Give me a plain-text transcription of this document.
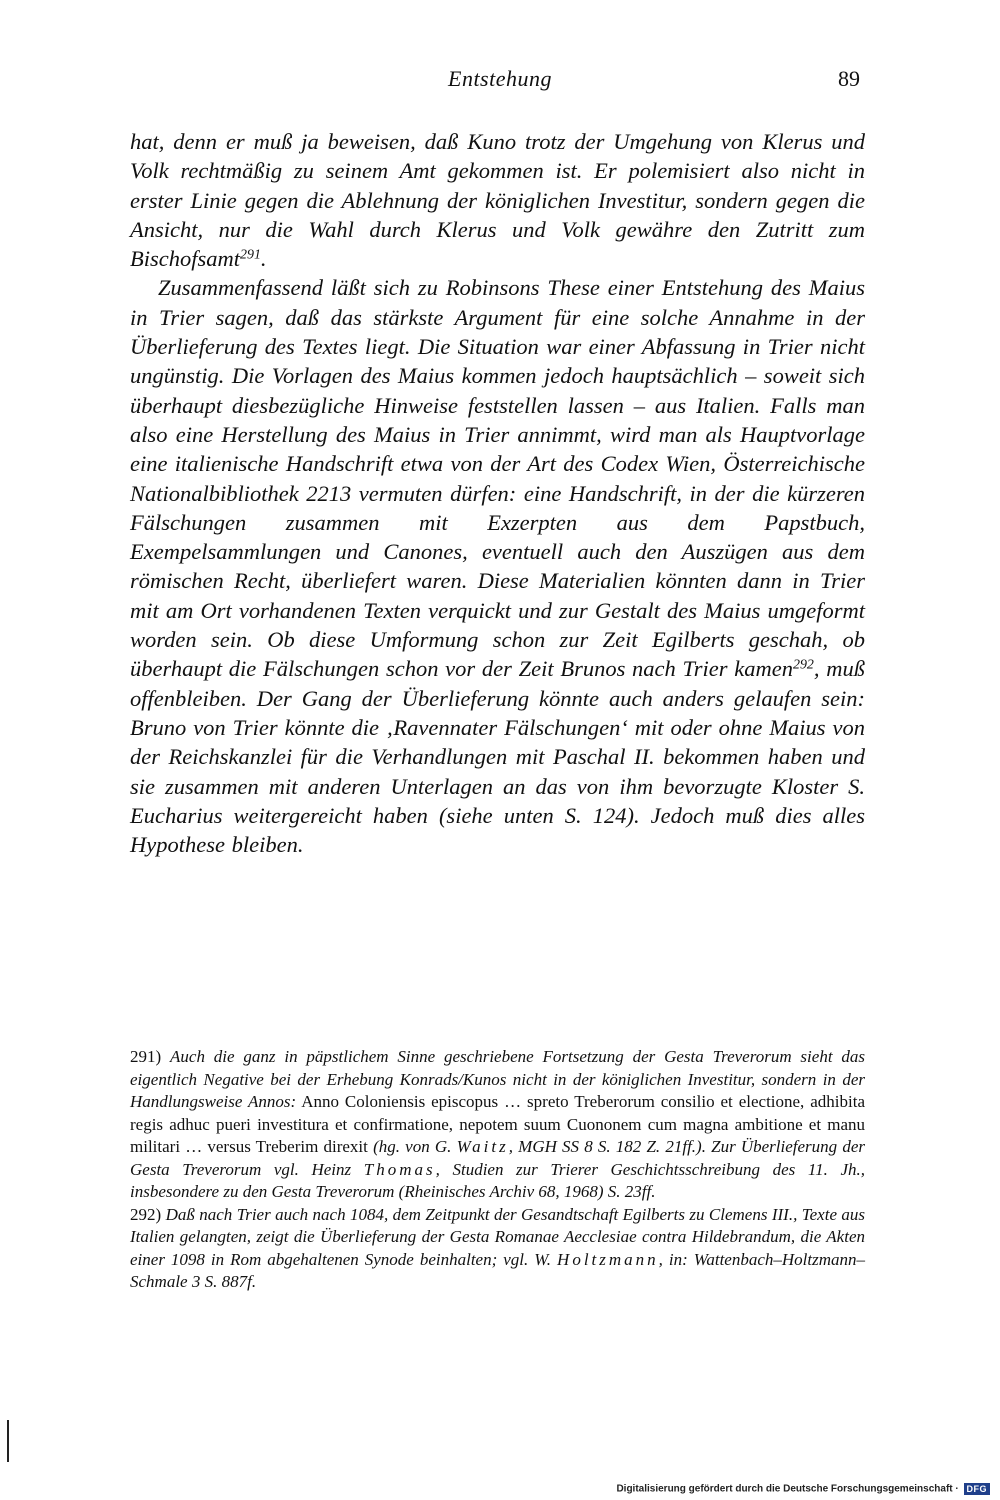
Entstehung	89

hat, denn er muß ja beweisen, daß Kuno trotz der Umgehung von Klerus und Volk rechtmäßig zu seinem Amt gekommen ist. Er polemisiert also nicht in erster Linie gegen die Ablehnung der königlichen Investitur, sondern gegen die Ansicht, nur die Wahl durch Klerus und Volk gewähre den Zutritt zum Bischofsamt$^{291}$.

Zusammenfassend läßt sich zu Robinsons These einer Entstehung des Maius in Trier sagen, daß das stärkste Argument für eine solche Annahme in der Überlieferung des Textes liegt. Die Situation war einer Abfassung in Trier nicht ungünstig. Die Vorlagen des Maius kommen jedoch hauptsächlich – soweit sich überhaupt diesbezügliche Hinweise feststellen lassen – aus Italien. Falls man also eine Herstellung des Maius in Trier annimmt, wird man als Hauptvorlage eine italienische Handschrift etwa von der Art des Codex Wien, Österreichische Nationalbibliothek 2213 vermuten dürfen: eine Handschrift, in der die kürzeren Fälschungen zusammen mit Exzerpten aus dem Papstbuch, Exempelsammlungen und Canones, eventuell auch den Auszügen aus dem römischen Recht, überliefert waren. Diese Materialien könnten dann in Trier mit am Ort vorhandenen Texten verquickt und zur Gestalt des Maius umgeformt worden sein. Ob diese Umformung schon zur Zeit Egilberts geschah, ob überhaupt die Fälschungen schon vor der Zeit Brunos nach Trier kamen$^{292}$, muß offenbleiben. Der Gang der Überlieferung könnte auch anders gelaufen sein: Bruno von Trier könnte die ‚Ravennater Fälschungen‘ mit oder ohne Maius von der Reichskanzlei für die Verhandlungen mit Paschal II. bekommen haben und sie zusammen mit anderen Unterlagen an das von ihm bevorzugte Kloster S. Eucharius weitergereicht haben (siehe unten S. 124). Jedoch muß dies alles Hypothese bleiben.

291) Auch die ganz in päpstlichem Sinne geschriebene Fortsetzung der Gesta Treverorum sieht das eigentlich Negative bei der Erhebung Konrads/Kunos nicht in der königlichen Investitur, sondern in der Handlungsweise Annos: Anno Coloniensis episcopus … spreto Treberorum consilio et electione, adhibita regis adhuc pueri investitura et confirmatione, nepotem suum Cuononem cum magna ambitione et manu militari … versus Treberim direxit (hg. von G. Waitz, MGH SS 8 S. 182 Z. 21ff.). Zur Überlieferung der Gesta Treverorum vgl. Heinz Thomas, Studien zur Trierer Geschichtsschreibung des 11. Jh., insbesondere zu den Gesta Treverorum (Rheinisches Archiv 68, 1968) S. 23ff.

292) Daß nach Trier auch nach 1084, dem Zeitpunkt der Gesandtschaft Egilberts zu Clemens III., Texte aus Italien gelangten, zeigt die Überlieferung der Gesta Romanae Aecclesiae contra Hildebrandum, die Akten einer 1098 in Rom abgehaltenen Synode beinhalten; vgl. W. Holtzmann, in: Wattenbach–Holtzmann–Schmale 3 S. 887f.

Digitalisierung gefördert durch die Deutsche Forschungsgemeinschaft · DFG
